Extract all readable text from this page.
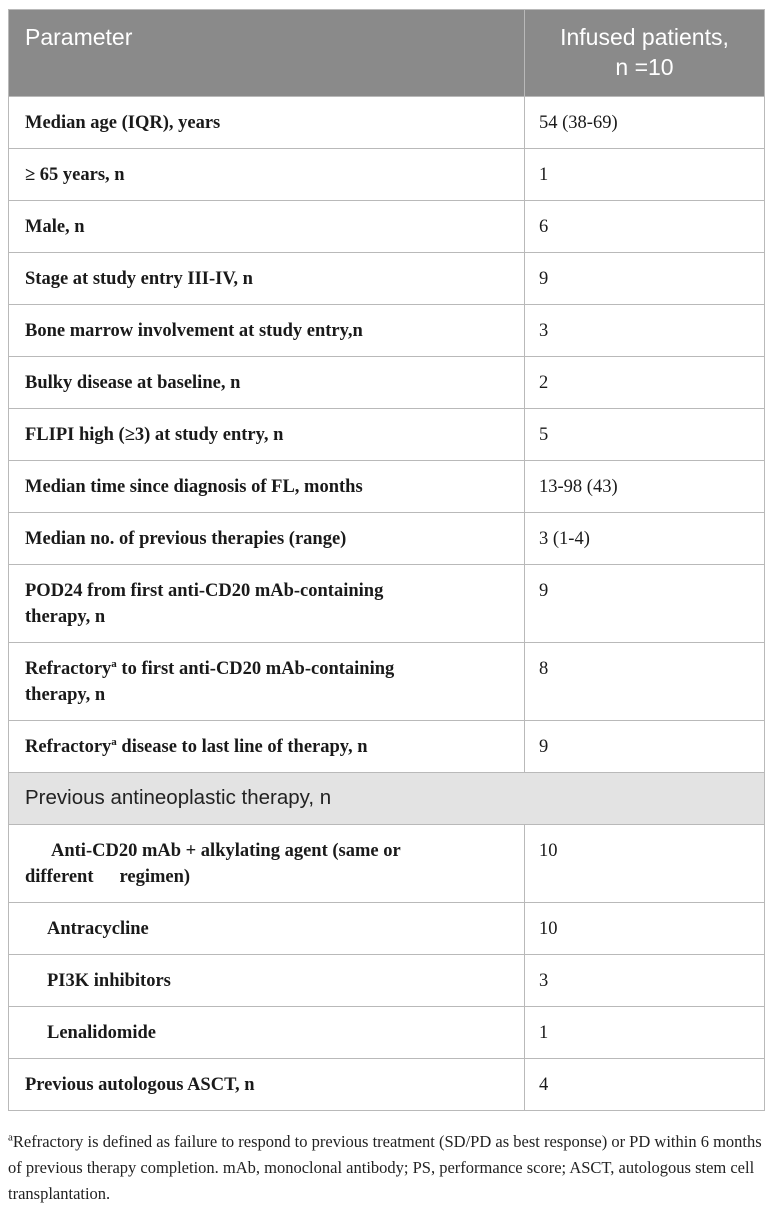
Parameter	Infused patients,
n =10

Median age (IQR), years	54 (38-69)

≥ 65 years, n	1

Male, n	6

Stage at study entry III-IV, n	9

Bone marrow involvement at study entry,n	3

Bulky disease at baseline, n	2

FLIPI high (≥3) at study entry, n	5

Median time since diagnosis of FL, months	13-98 (43)

Median no. of previous therapies (range)	3 (1-4)

POD24 from first anti-CD20 mAb-containing
therapy, n	9

Refractory$^a$ to first anti-CD20 mAb-containing
therapy, n	8

Refractory$^a$ disease to last line of therapy, n	9

Previous antineoplastic therapy, n	

Anti-CD20 mAb + alkylating agent (same or
different regimen)	10

Antracycline	10

PI3K inhibitors	3

Lenalidomide	1

Previous autologous ASCT, n	4
$^a$Refractory is defined as failure to respond to previous treatment (SD/PD as best response) or PD within 6 months of previous therapy completion. mAb, monoclonal antibody; PS, performance score; ASCT, autologous stem cell transplantation.
